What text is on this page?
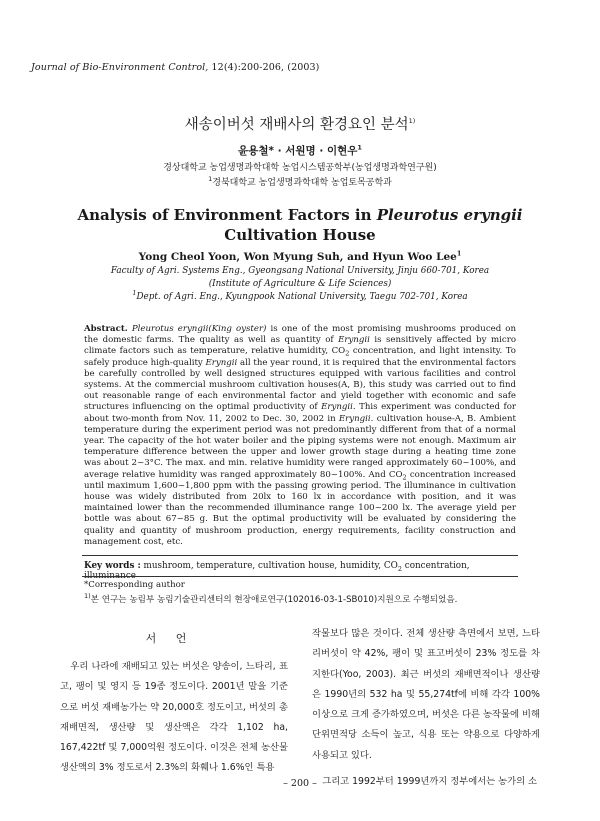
Journal of Bio-Environment Control, 12(4):200-206, (2003)
새송이버섯 재배사의 환경요인 분석$^{1)}$
윤용철* · 서원명 · 이현우$^1$
경상대학교 농업생명과학대학 농업시스템공학부(농업생명과학연구원)
$^1$경북대학교 농업생명과학대학 농업토목공학과
Analysis of Environment Factors in Pleurotus eryngii
Cultivation House
Yong Cheol Yoon, Won Myung Suh, and Hyun Woo Lee$^1$
Faculty of Agri. Systems Eng., Gyeongsang National University, Jinju 660-701, Korea
(Institute of Agriculture & Life Sciences)
$^1$Dept. of Agri. Eng., Kyungpook National University, Taegu 702-701, Korea

Abstract. Pleurotus eryngii(King oyster) is one of the most promising mushrooms produced on the domestic farms. The quality as well as quantity of Eryngii is sensitively affected by micro climate factors such as temperature, relative humidity, $CO_2$ concentration, and light intensity. To safely produce high-quality Eryngii all the year round, it is required that the environmental factors be carefully controlled by well designed structures equipped with various facilities and control systems. At the commercial mushroom cultivation houses(A, B), this study was carried out to find out reasonable range of each environmental factor and yield together with economic and safe structures influencing on the optimal productivity of Eryngii. This experiment was conducted for about two-month from Nov. 11, 2002 to Dec. 30, 2002 in Eryngii. cultivation house-A, B. Ambient temperature during the experiment period was not predominantly different from that of a normal year. The capacity of the hot water boiler and the piping systems were not enough. Maximum air temperature difference between the upper and lower growth stage during a heating time zone was about 2~3°C. The max. and min. relative humidity were ranged approximately 60~100%, and average relative humidity was ranged approximately 80~100%. And $CO_2$ concentration increased until maximum 1,600~1,800 ppm with the passing growing period. The illuminance in cultivation house was widely distributed from 20lx to 160 lx in accordance with position, and it was maintained lower than the recommended illuminance range 100~200 lx. The average yield per bottle was about 67~85 g. But the optimal productivity will be evaluated by considering the quality and quantity of mushroom production, energy requirements, facility construction and management cost, etc.

Key words : mushroom, temperature, cultivation house, humidity, $CO_2$ concentration, illuminance
*Corresponding author
$^{1)}$본 연구는 농림부 농림기술관리센터의 현장애로연구(102016-03-1-SB010)지원으로 수행되었음.
서 언

우리 나라에 재배되고 있는 버섯은 양송이, 느타리, 표고, 팽이 및 영지 등 19종 정도이다. 2001년 말을 기준으로 버섯 재배농가는 약 20,000호 정도이고, 버섯의 총 재배면적, 생산량 및 생산액은 각각 1,102 ha, 167,422tf 및 7,000억원 정도이다. 이것은 전체 농산물 생산액의 3% 정도로서 2.3%의 화훼나 1.6%인 특용

작물보다 많은 것이다. 전체 생산량 측면에서 보면, 느타리버섯이 약 42%, 팽이 및 표고버섯이 23% 정도를 차지한다(Yoo, 2003). 최근 버섯의 재배면적이나 생산량은 1990년의 532 ha 및 55,274tf에 비해 각각 100% 이상으로 크게 증가하였으며, 버섯은 다른 농작물에 비해 단위면적당 소득이 높고, 식용 또는 약용으로 다양하게 사용되고 있다.

그리고 1992부터 1999년까지 정부에서는 농가의 소

– 200 –
